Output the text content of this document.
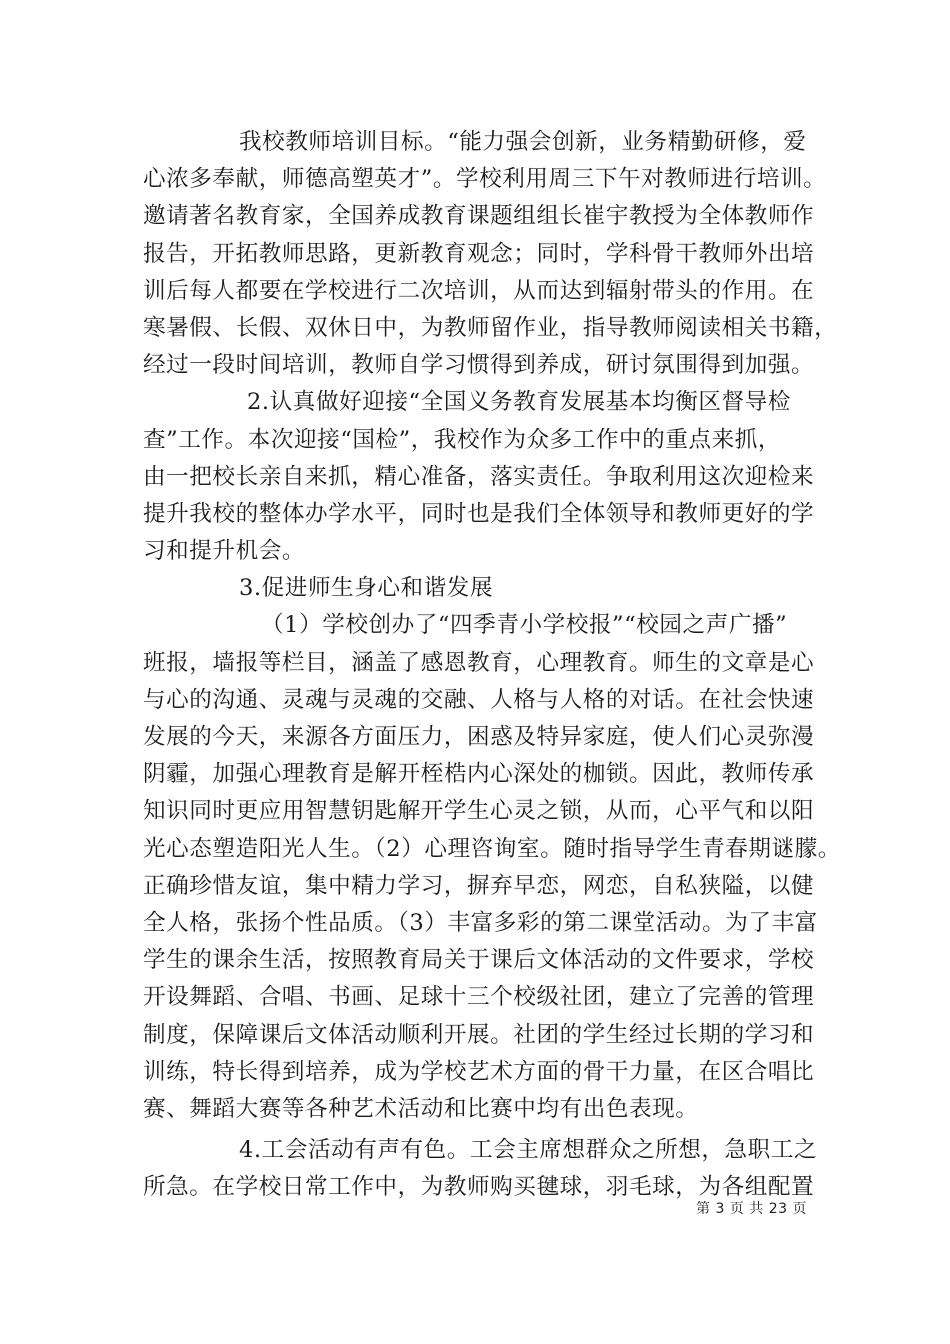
我校教师培训目标。“能力强会创新，业务精勤研修，爱
心浓多奉献，师德高塑英才”。学校利用周三下午对教师进行培训。
邀请著名教育家，全国养成教育课题组组长崔宇教授为全体教师作
报告，开拓教师思路，更新教育观念；同时，学科骨干教师外出培
训后每人都要在学校进行二次培训，从而达到辐射带头的作用。在
寒暑假、长假、双休日中，为教师留作业，指导教师阅读相关书籍，
经过一段时间培训，教师自学习惯得到养成，研讨氛围得到加强。
2.认真做好迎接“全国义务教育发展基本均衡区督导检
查”工作。本次迎接“国检”，我校作为众多工作中的重点来抓，
由一把校长亲自来抓，精心准备，落实责任。争取利用这次迎检来
提升我校的整体办学水平，同时也是我们全体领导和教师更好的学
习和提升机会。
3.促进师生身心和谐发展
（1）学校创办了“四季青小学校报”“校园之声广播”
班报，墙报等栏目，涵盖了感恩教育，心理教育。师生的文章是心
与心的沟通、灵魂与灵魂的交融、人格与人格的对话。在社会快速
发展的今天，来源各方面压力，困惑及特异家庭，使人们心灵弥漫
阴霾，加强心理教育是解开桎梏内心深处的枷锁。因此，教师传承
知识同时更应用智慧钥匙解开学生心灵之锁，从而，心平气和以阳
光心态塑造阳光人生。（2）心理咨询室。随时指导学生青春期谜朦。
正确珍惜友谊，集中精力学习，摒弃早恋，网恋，自私狭隘，以健
全人格，张扬个性品质。（3）丰富多彩的第二课堂活动。为了丰富
学生的课余生活，按照教育局关于课后文体活动的文件要求，学校
开设舞蹈、合唱、书画、足球十三个校级社团，建立了完善的管理
制度，保障课后文体活动顺利开展。社团的学生经过长期的学习和
训练，特长得到培养，成为学校艺术方面的骨干力量，在区合唱比
赛、舞蹈大赛等各种艺术活动和比赛中均有出色表现。
4.工会活动有声有色。工会主席想群众之所想，急职工之
所急。在学校日常工作中，为教师购买毽球，羽毛球，为各组配置
第 3 页 共 23 页
